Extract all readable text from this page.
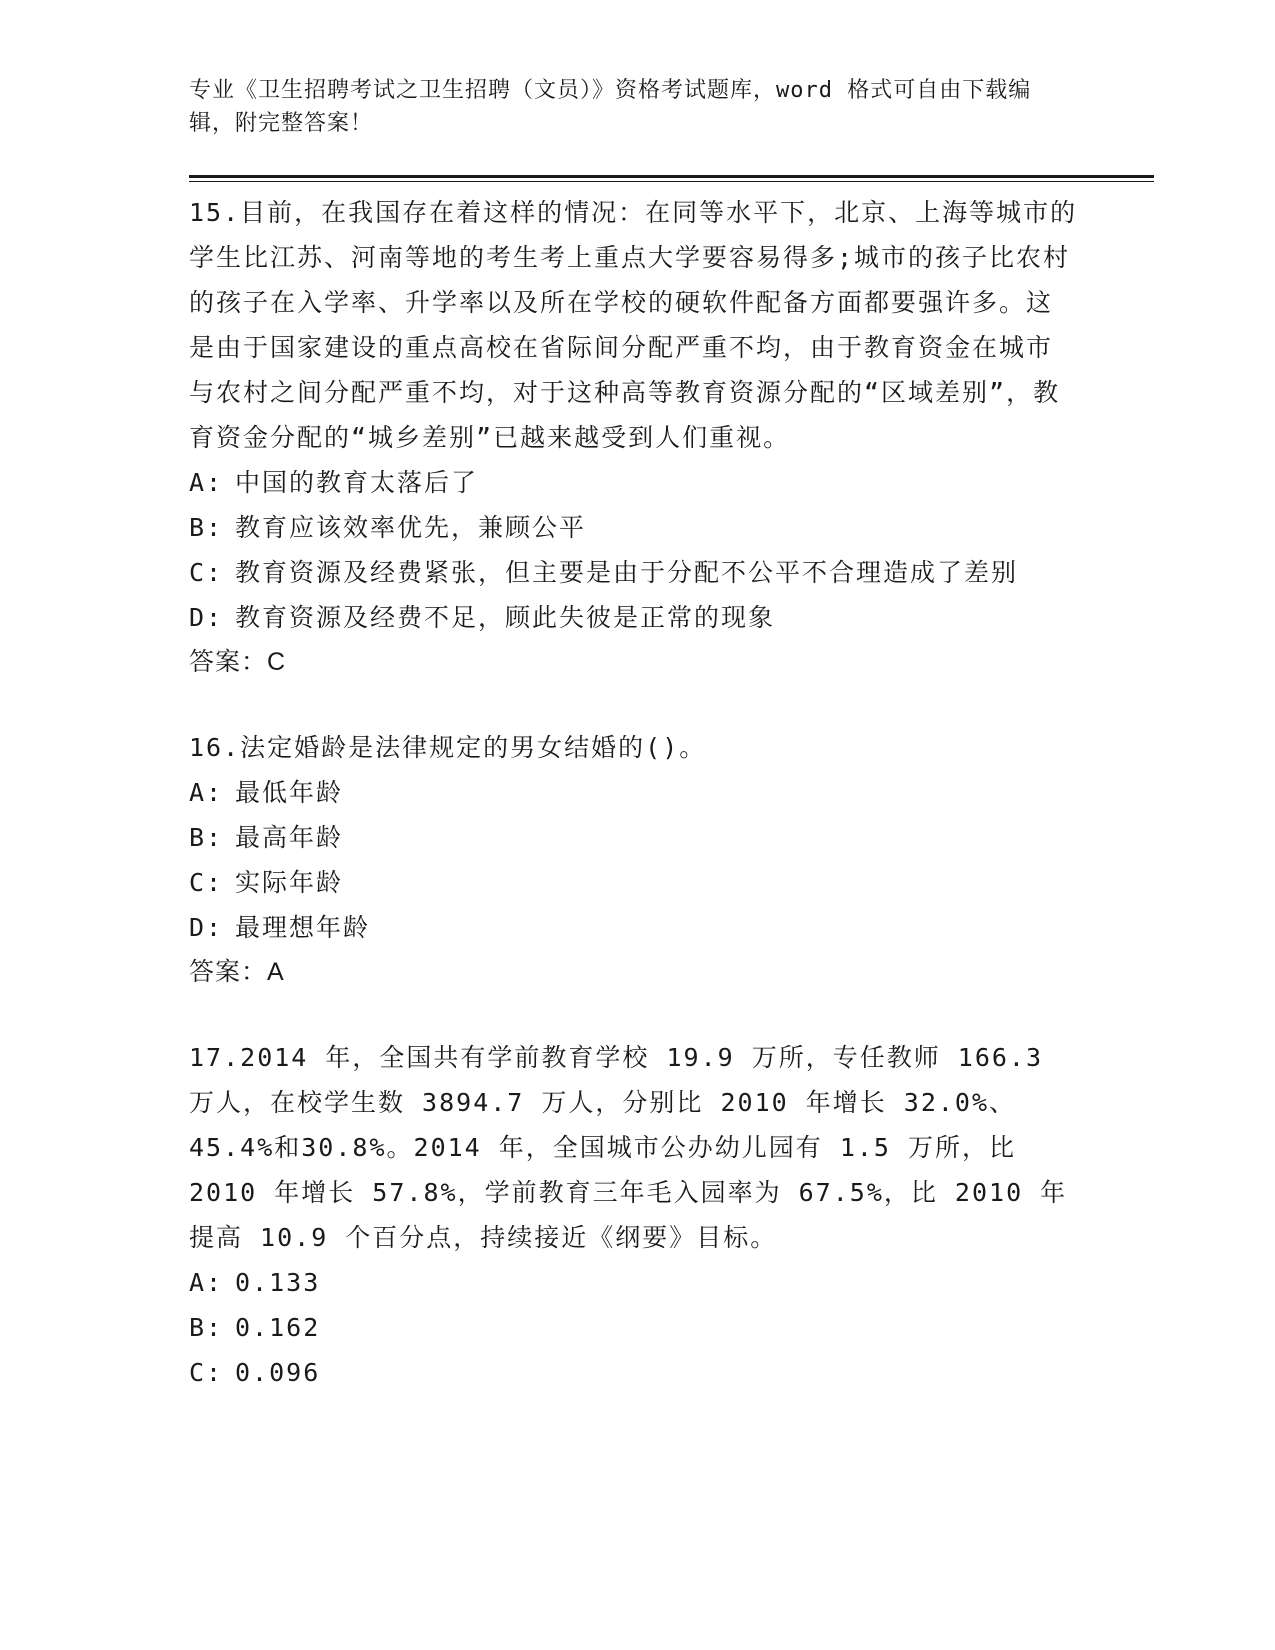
专业《卫生招聘考试之卫生招聘（文员）》资格考试题库，word 格式可自由下载编辑，附完整答案！
15.目前，在我国存在着这样的情况：在同等水平下，北京、上海等城市的学生比江苏、河南等地的考生考上重点大学要容易得多;城市的孩子比农村的孩子在入学率、升学率以及所在学校的硬软件配备方面都要强许多。这是由于国家建设的重点高校在省际间分配严重不均，由于教育资金在城市与农村之间分配严重不均，对于这种高等教育资源分配的“区域差别”，教育资金分配的“城乡差别”已越来越受到人们重视。
A: 中国的教育太落后了
B: 教育应该效率优先，兼顾公平
C: 教育资源及经费紧张，但主要是由于分配不公平不合理造成了差别
D: 教育资源及经费不足，顾此失彼是正常的现象
答案：C
16.法定婚龄是法律规定的男女结婚的()。
A: 最低年龄
B: 最高年龄
C: 实际年龄
D: 最理想年龄
答案：A
17.2014 年，全国共有学前教育学校 19.9 万所，专任教师 166.3 万人，在校学生数 3894.7 万人，分别比 2010 年增长 32.0%、45.4%和30.8%。2014 年，全国城市公办幼儿园有 1.5 万所，比 2010 年增长 57.8%，学前教育三年毛入园率为 67.5%，比 2010 年提高 10.9 个百分点，持续接近《纲要》目标。
A: 0.133
B: 0.162
C: 0.096
